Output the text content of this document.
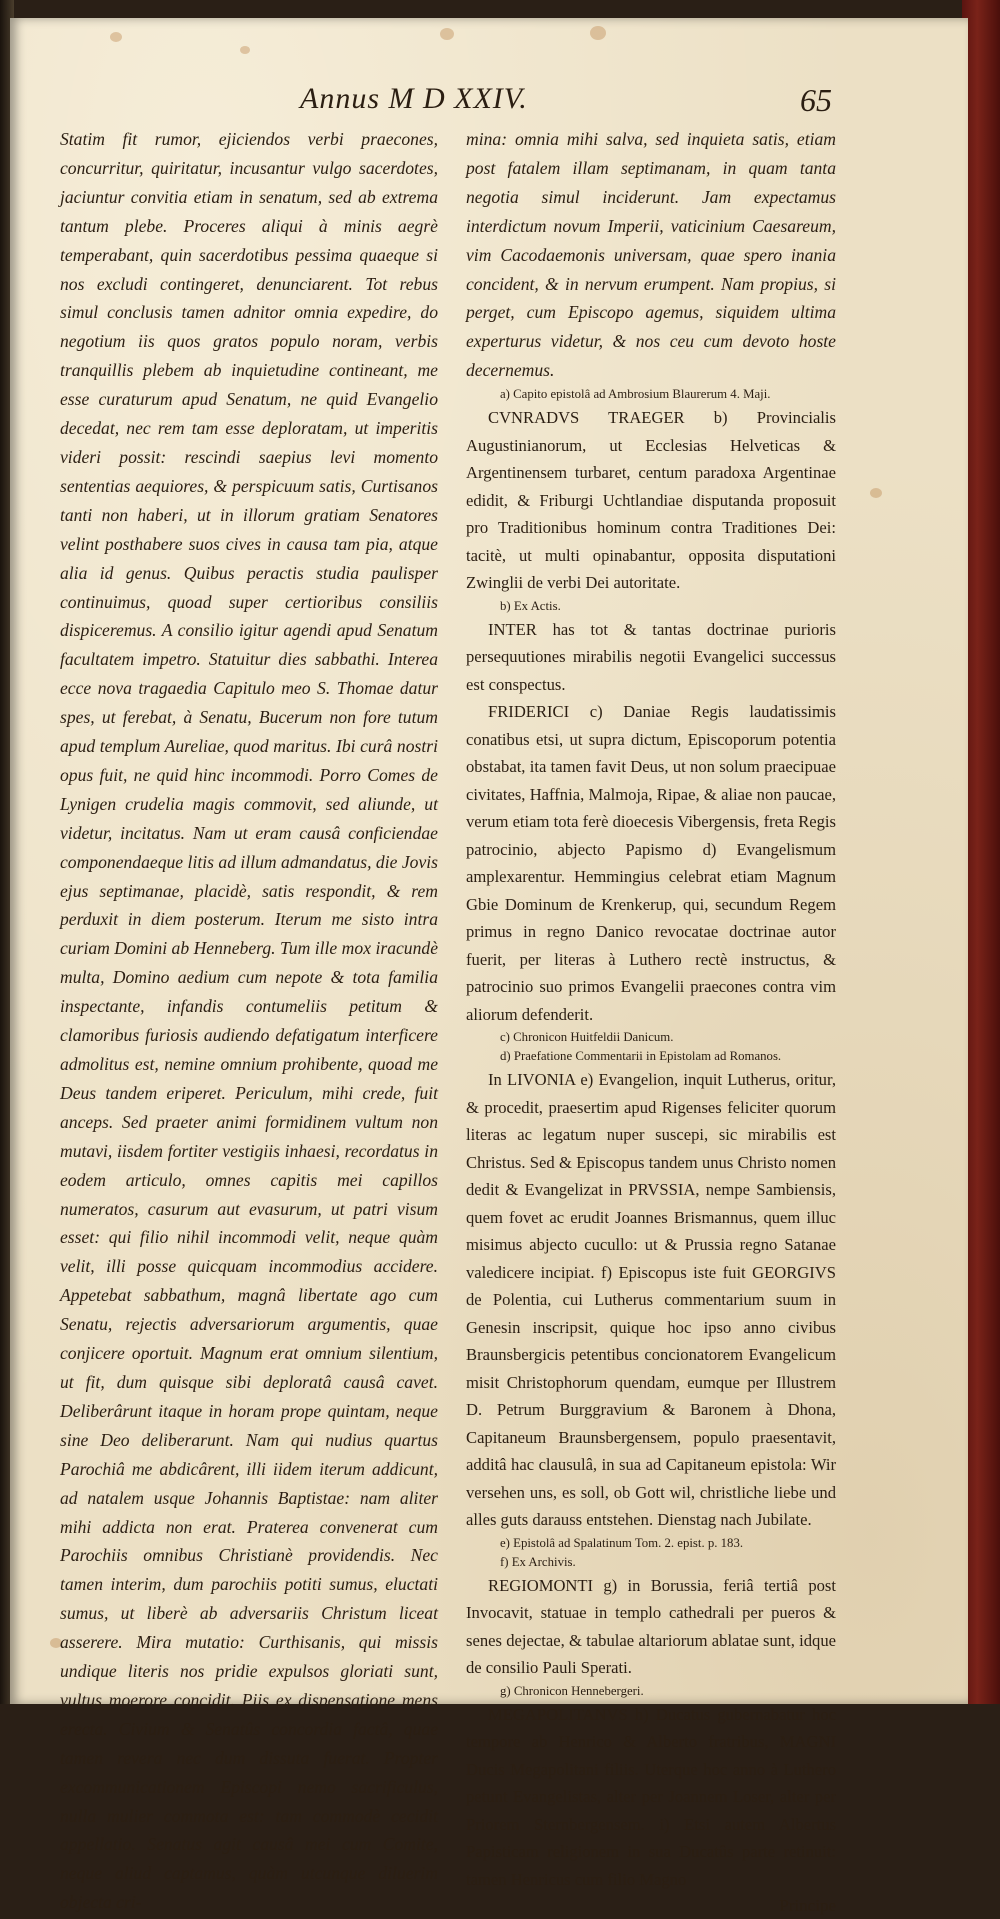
Annus M D XXIV.	65

Statim fit rumor, ejiciendos verbi praecones, concurritur, quiritatur, incusantur vulgo sacerdotes, jaciuntur convitia etiam in senatum, sed ab extrema tantum plebe. Proceres aliqui à minis aegrè temperabant, quin sacerdotibus pessima quaeque si nos excludi contingeret, denunciarent. Tot rebus simul conclusis tamen adnitor omnia expedire, do negotium iis quos gratos populo noram, verbis tranquillis plebem ab inquietudine contineant, me esse curaturum apud Senatum, ne quid Evangelio decedat, nec rem tam esse deploratam, ut imperitis videri possit: rescindi saepius levi momento sententias aequiores, & perspicuum satis, Curtisanos tanti non haberi, ut in illorum gratiam Senatores velint posthabere suos cives in causa tam pia, atque alia id genus. Quibus peractis studia paulisper continuimus, quoad super certioribus consiliis dispiceremus. A consilio igitur agendi apud Senatum facultatem impetro. Statuitur dies sabbathi. Interea ecce nova tragaedia Capitulo meo S. Thomae datur spes, ut ferebat, à Senatu, Bucerum non fore tutum apud templum Aureliae, quod maritus. Ibi curâ nostri opus fuit, ne quid hinc incommodi. Porro Comes de Lynigen crudelia magis commovit, sed aliunde, ut videtur, incitatus. Nam ut eram causâ conficiendae componendaeque litis ad illum admandatus, die Jovis ejus septimanae, placidè, satis respondit, & rem perduxit in diem posterum. Iterum me sisto intra curiam Domini ab Henneberg. Tum ille mox iracundè multa, Domino aedium cum nepote & tota familia inspectante, infandis contumeliis petitum & clamoribus furiosis audiendo defatigatum interficere admolitus est, nemine omnium prohibente, quoad me Deus tandem eriperet. Periculum, mihi crede, fuit anceps. Sed praeter animi formidinem vultum non mutavi, iisdem fortiter vestigiis inhaesi, recordatus in eodem articulo, omnes capitis mei capillos numeratos, casurum aut evasurum, ut patri visum esset: qui filio nihil incommodi velit, neque quàm velit, illi posse quicquam incommodius accidere. Appetebat sabbathum, magnâ libertate ago cum Senatu, rejectis adversariorum argumentis, quae conjicere oportuit. Magnum erat omnium silentium, ut fit, dum quisque sibi deploratâ causâ cavet. Deliberârunt itaque in horam prope quintam, neque sine Deo deliberarunt. Nam qui nudius quartus Parochiâ me abdicârent, illi iidem iterum addicunt, ad natalem usque Johannis Baptistae: nam aliter mihi addicta non erat. Praterea convenerat cum Parochiis omnibus Christianè providendis. Nec tamen interim, dum parochiis potiti sumus, eluctati sumus, ut liberè ab adversariis Christum liceat asserere. Mira mutatio: Curthisanis, qui missis undique literis nos pridie expulsos gloriati sunt, vultus moerore concidit. Piis ex dispensatione mens erecta. Civium & Senatûs concordia factâ, quae tamen revera nec dum dissuta fuerat. Propter excommunicationem Episcopi nemo sacrificulus, nulla mulier commota est: tam commodè cecidit appellatio. Senatus agit causâ mei cum Comite, neque aliud captamus, quàm utcunque diluerim objecta cri-

mina: omnia mihi salva, sed inquieta satis, etiam post fatalem illam septimanam, in quam tanta negotia simul inciderunt. Jam expectamus interdictum novum Imperii, vaticinium Caesareum, vim Cacodaemonis universam, quae spero inania concident, & in nervum erumpent. Nam propius, si perget, cum Episcopo agemus, siquidem ultima experturus videtur, & nos ceu cum devoto hoste decernemus.

a) Capito epistolâ ad Ambrosium Blaurerum 4. Maji.

CVNRADVS TRAEGER b) Provincialis Augustinianorum, ut Ecclesias Helveticas & Argentinensem turbaret, centum paradoxa Argentinae edidit, & Friburgi Uchtlandiae disputanda proposuit pro Traditionibus hominum contra Traditiones Dei: tacitè, ut multi opinabantur, opposita disputationi Zwinglii de verbi Dei autoritate.

b) Ex Actis.

INTER has tot & tantas doctrinae purioris persequutiones mirabilis negotii Evangelici successus est conspectus.

FRIDERICI c) Daniae Regis laudatissimis conatibus etsi, ut supra dictum, Episcoporum potentia obstabat, ita tamen favit Deus, ut non solum praecipuae civitates, Haffnia, Malmoja, Ripae, & aliae non paucae, verum etiam tota ferè dioecesis Vibergensis, freta Regis patrocinio, abjecto Papismo d) Evangelismum amplexarentur. Hemmingius celebrat etiam Magnum Gbie Dominum de Krenkerup, qui, secundum Regem primus in regno Danico revocatae doctrinae autor fuerit, per literas à Luthero rectè instructus, & patrocinio suo primos Evangelii praecones contra vim aliorum defenderit.

c) Chronicon Huitfeldii Danicum.

d) Praefatione Commentarii in Epistolam ad Romanos.

In LIVONIA e) Evangelion, inquit Lutherus, oritur, & procedit, praesertim apud Rigenses feliciter quorum literas ac legatum nuper suscepi, sic mirabilis est Christus. Sed & Episcopus tandem unus Christo nomen dedit & Evangelizat in PRVSSIA, nempe Sambiensis, quem fovet ac erudit Joannes Brismannus, quem illuc misimus abjecto cucullo: ut & Prussia regno Satanae valedicere incipiat. f) Episcopus iste fuit GEORGIVS de Polentia, cui Lutherus commentarium suum in Genesin inscripsit, quique hoc ipso anno civibus Braunsbergicis petentibus concionatorem Evangelicum misit Christophorum quendam, eumque per Illustrem D. Petrum Burggravium & Baronem à Dhona, Capitaneum Braunsbergensem, populo praesentavit, additâ hac clausulâ, in sua ad Capitaneum epistola: Wir versehen uns, es soll, ob Gott wil, christliche liebe und alles guts darauss entstehen. Dienstag nach Jubilate.

e) Epistolâ ad Spalatinum Tom. 2. epist. p. 183.

f) Ex Archivis.

REGIOMONTI g) in Borussia, feriâ tertiâ post Invocavit, statuae in templo cathedrali per pueros & senes dejectae, & tabulae altariorum ablatae sunt, idque de consilio Pauli Sperati.

g) Chronicon Hennebergeri.

MEGAPOLITANVS h) Ducatus gubernabatur hoc tempore ab Henrico & Alberto fratribus, MAGNI Ducis Megapolitani filiis. Uterque hoc anno à Luthero petunt Evangelistas, alter per Joannem Loser, alter per Priorem Sternbergensem. i) Etsi autem Albertus Papisticam religionem in sua Ducatûs parte retinuit: tamen Henricus cum filio Magno

Principe
